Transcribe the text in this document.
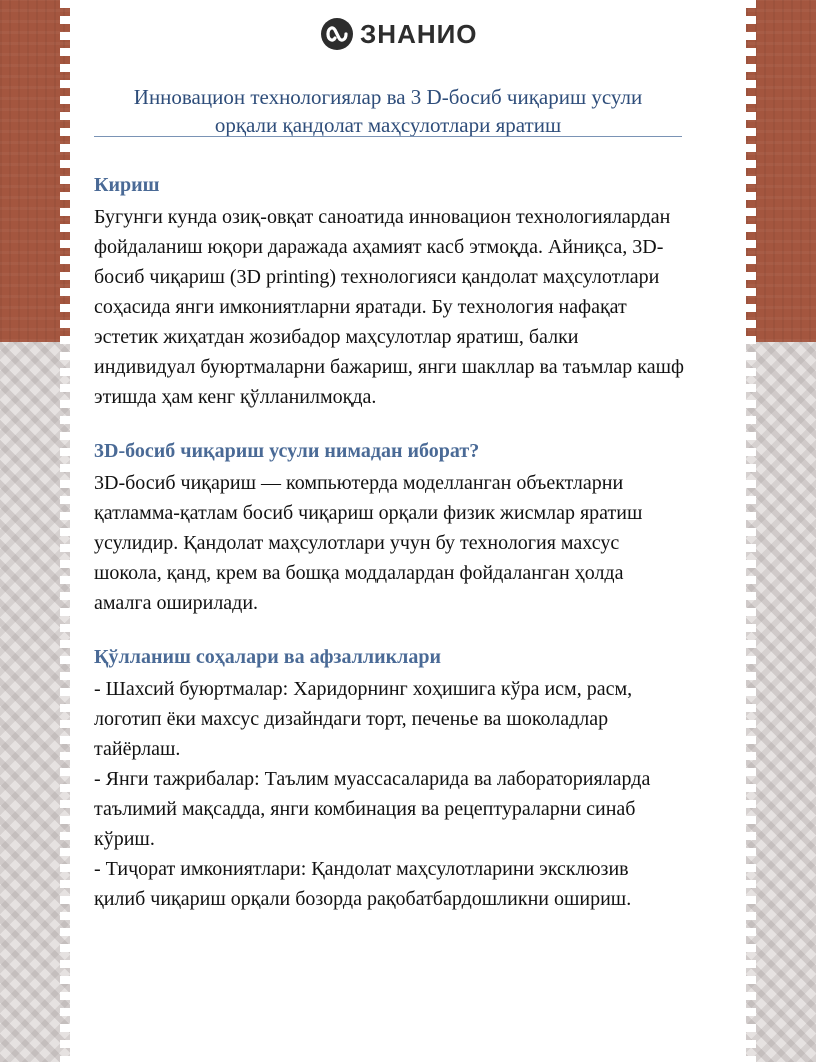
ЗНАНИО
Инновацион технологиялар ва 3 D-босиб чиқариш усули
орқали қандолат маҳсулотлари яратиш
Кириш

Бугунги кунда озиқ-овқат саноатида инновацион технологиялардан фойдаланиш юқори даражада аҳамият касб этмоқда. Айниқса, 3D-босиб чиқариш (3D printing) технологияси қандолат маҳсулотлари соҳасида янги имкониятларни яратади. Бу технология нафақат эстетик жиҳатдан жозибадор маҳсулотлар яратиш, балки индивидуал буюртмаларни бажариш, янги шакллар ва таъмлар кашф этишда ҳам кенг қўлланилмоқда.

3D-босиб чиқариш усули нимадан иборат?

3D-босиб чиқариш — компьютерда моделланган объектларни қатламма-қатлам босиб чиқариш орқали физик жисмлар яратиш усулидир. Қандолат маҳсулотлари учун бу технология махсус шокола, қанд, крем ва бошқа моддалардан фойдаланган ҳолда амалга оширилади.

Қўлланиш соҳалари ва афзалликлари

- Шахсий буюртмалар: Харидорнинг хоҳишига кўра исм, расм, логотип ёки махсус дизайндаги торт, печенье ва шоколадлар тайёрлаш.

- Янги тажрибалар: Таълим муассасаларида ва лабораторияларда таълимий мақсадда, янги комбинация ва рецептураларни синаб кўриш.

- Тиҷорат имкониятлари: Қандолат маҳсулотларини эксклюзив қилиб чиқариш орқали бозорда рақобатбардошликни ошириш.
